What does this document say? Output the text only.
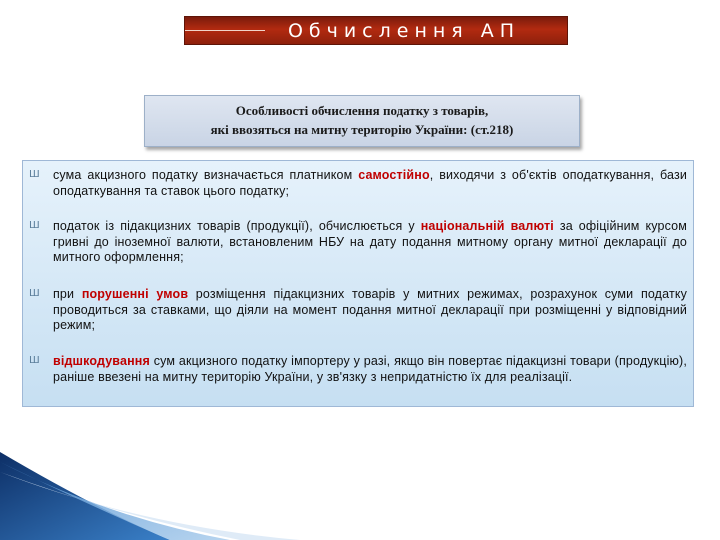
Обчислення АП
Особливості обчислення податку з товарів,
які ввозяться на митну територію України: (ст.218)
Ш сума акцизного податку визначається платником самостійно, виходячи з об'єктів оподаткування, бази оподаткування та ставок цього податку;
Ш податок із підакцизних товарів (продукції), обчислюється у національній валюті за офіційним курсом гривні до іноземної валюти, встановленим НБУ на дату подання митному органу митної декларації до митного оформлення;
Ш при порушенні умов розміщення підакцизних товарів у митних режимах, розрахунок суми податку проводиться за ставками, що діяли на момент подання митної декларації при розміщенні у відповідний режим;
Ш відшкодування сум акцизного податку імпортеру у разі, якщо він повертає підакцизні товари (продукцію), раніше ввезені на митну територію України, у зв'язку з непридатністю їх для реалізації.
